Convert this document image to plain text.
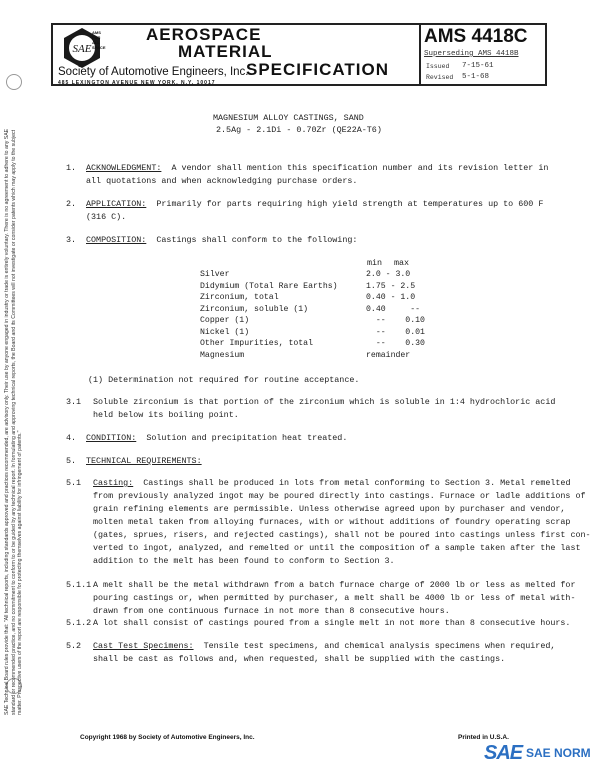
SAE
AMS FOR ALL SPACE
AEROSPACE
MATERIAL
SPECIFICATION
Society of Automotive Engineers, Inc.
485 LEXINGTON AVENUE NEW YORK, N.Y. 10017
AMS 4418C
Superseding AMS 4418B
Issued 7-15-61
Revised 5-1-68
SAE Technical Board rules provide that: "All technical reports, including standards approved and practices recommended, are advisory only. Their use by anyone engaged in industry or trade is entirely voluntary. There is no agreement to adhere to any SAE standard or recommended practice, and no commitment to conform to or be guided by any technical report. In formulating and approving technical reports, the Board and its Committees will not investigate or consider patents which may apply to the subject matter. Prospective users of the report are responsible for protecting themselves against liability for infringement of patents."
MAGNESIUM ALLOY CASTINGS, SAND
2.5Ag - 2.1Di - 0.70Zr (QE22A-T6)
1. ACKNOWLEDGMENT: A vendor shall mention this specification number and its revision letter in
all quotations and when acknowledging purchase orders.
2. APPLICATION: Primarily for parts requiring high yield strength at temperatures up to 600 F
(316 C).
3. COMPOSITION: Castings shall conform to the following:
min max
Silver	2.0 - 3.0
Didymium (Total Rare Earths)	1.75 - 2.5
Zirconium, total	0.40 - 1.0
Zirconium, soluble (1)	0.40     --
Copper (1)	--    0.10
Nickel (1)	--    0.01
Other Impurities, total	--    0.30
Magnesium	remainder
(1) Determination not required for routine acceptance.
3.1 Soluble zirconium is that portion of the zirconium which is soluble in 1:4 hydrochloric acid
held below its boiling point.
4. CONDITION: Solution and precipitation heat treated.
5. TECHNICAL REQUIREMENTS:
5.1 Casting: Castings shall be produced in lots from metal conforming to Section 3. Metal remelted
from previously analyzed ingot may be poured directly into castings. Furnace or ladle additions of
grain refining elements are permissible. Unless otherwise agreed upon by purchaser and vendor,
molten metal taken from alloying furnaces, with or without additions of foundry operating scrap
(gates, sprues, risers, and rejected castings), shall not be poured into castings unless first con-
verted to ingot, analyzed, and remelted or until the composition of a sample taken after the last
addition to the melt has been found to conform to Section 3.
5.1.1 A melt shall be the metal withdrawn from a batch furnace charge of 2000 lb or less as melted for
pouring castings or, when permitted by purchaser, a melt shall be 4000 lb or less of metal with-
drawn from one continuous furnace in not more than 8 consecutive hours.
5.1.2 A lot shall consist of castings poured from a single melt in not more than 8 consecutive hours.
5.2 Cast Test Specimens: Tensile test specimens, and chemical analysis specimens when required,
shall be cast as follows and, when requested, shall be supplied with the castings.
Copyright 1968 by Society of Automotive Engineers, Inc.	Printed in U.S.A.
SAE SAE NORM
